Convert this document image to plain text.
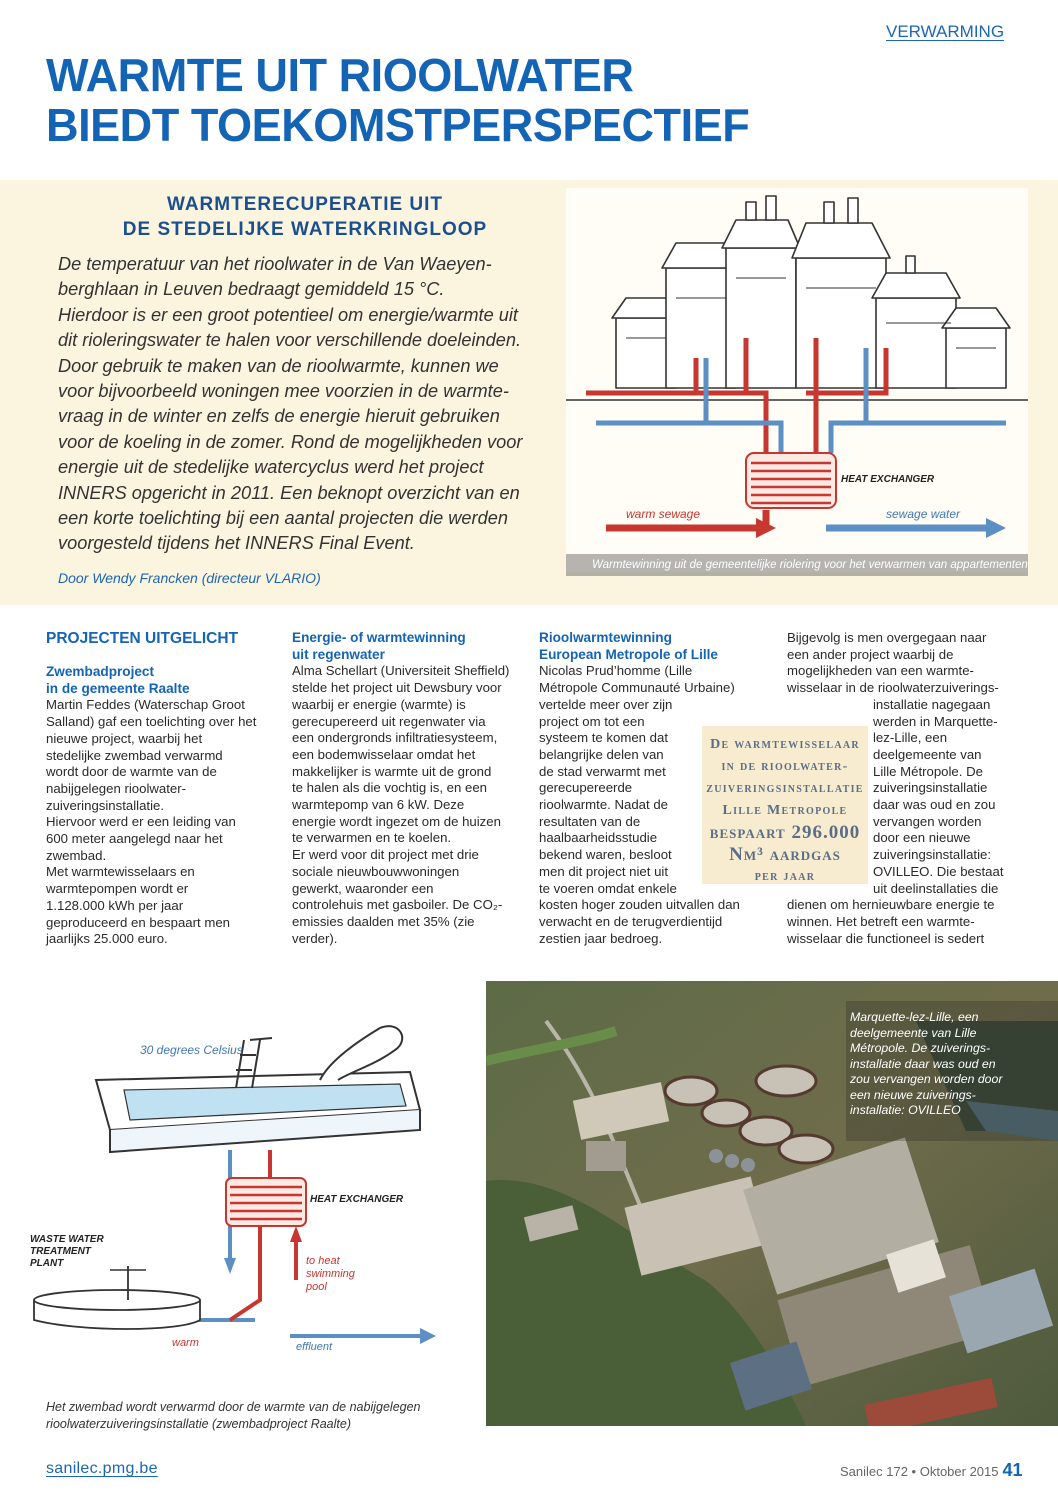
VERWARMING
WARMTE UIT RIOOLWATER
BIEDT TOEKOMSTPERSPECTIEF
WARMTERECUPERATIE UIT
DE STEDELIJKE WATERKRINGLOOP
De temperatuur van het rioolwater in de Van Waeyen-
berghlaan in Leuven bedraagt gemiddeld 15 °C.
Hierdoor is er een groot potentieel om energie/warmte uit
dit rioleringswater te halen voor verschillende doeleinden.
Door gebruik te maken van de rioolwarmte, kunnen we
voor bijvoorbeeld woningen mee voorzien in de warmte-
vraag in de winter en zelfs de energie hieruit gebruiken
voor de koeling in de zomer. Rond de mogelijkheden voor
energie uit de stedelijke watercyclus werd het project
INNERS opgericht in 2011. Een beknopt overzicht van en
een korte toelichting bij een aantal projecten die werden
voorgesteld tijdens het INNERS Final Event.
Door Wendy Francken (directeur VLARIO)
HEAT EXCHANGER
warm sewage	sewage water
Warmtewinning uit de gemeentelijke riolering voor het verwarmen van appartementen
PROJECTEN UITGELICHT
Zwembadproject
in de gemeente Raalte

Martin Feddes (Waterschap Groot

Salland) gaf een toelichting over het

nieuwe project, waarbij het

stedelijke zwembad verwarmd

wordt door de warmte van de

nabijgelegen rioolwater-

zuiveringsinstallatie.

Hiervoor werd er een leiding van

600 meter aangelegd naar het

zwembad.

Met warmtewisselaars en

warmtepompen wordt er

1.128.000 kWh per jaar

geproduceerd en bespaart men

jaarlijks 25.000 euro.

Energie- of warmtewinning
uit regenwater

Alma Schellart (Universiteit Sheffield)

stelde het project uit Dewsbury voor

waarbij er energie (warmte) is

gerecupereerd uit regenwater via

een ondergronds infiltratiesysteem,

een bodemwisselaar omdat het

makkelijker is warmte uit de grond

te halen als die vochtig is, en een

warmtepomp van 6 kW. Deze

energie wordt ingezet om de huizen

te verwarmen en te koelen.

Er werd voor dit project met drie

sociale nieuwbouwwoningen

gewerkt, waaronder een

controlehuis met gasboiler. De CO₂-

emissies daalden met 35% (zie

verder).

Rioolwarmtewinning
European Metropole of Lille

Nicolas Prud’homme (Lille

Métropole Communauté Urbaine)

vertelde meer over zijn

project om tot een

systeem te komen dat

belangrijke delen van

de stad verwarmt met

gerecupereerde

rioolwarmte. Nadat de

resultaten van de

haalbaarheidsstudie

bekend waren, besloot

men dit project niet uit

te voeren omdat enkele

kosten hoger zouden uitvallen dan

verwacht en de terugverdientijd

zestien jaar bedroeg.

De warmtewisselaar
in de rioolwater-
zuiveringsinstallatie
Lille Metropole
bespaart 296.000
Nm³ aardgas
per jaar

Bijgevolg is men overgegaan naar

een ander project waarbij de

mogelijkheden van een warmte-

wisselaar in de rioolwaterzuiverings-

installatie nagegaan

werden in Marquette-

lez-Lille, een

deelgemeente van

Lille Métropole. De

zuiveringsinstallatie

daar was oud en zou

vervangen worden

door een nieuwe

zuiveringsinstallatie:

OVILLEO. Die bestaat

uit deelinstallaties die

dienen om hernieuwbare energie te

winnen. Het betreft een warmte-

wisselaar die functioneel is sedert

30 degrees Celsius
HEAT EXCHANGER
to heat
swimming
pool
WASTE WATER
TREATMENT
PLANT
warm	effluent
Het zwembad wordt verwarmd door de warmte van de nabijgelegen
rioolwaterzuiveringsinstallatie (zwembadproject Raalte)
Marquette-lez-Lille, een
deelgemeente van Lille
Métropole. De zuiverings-
installatie daar was oud en
zou vervangen worden door
een nieuwe zuiverings-
installatie: OVILLEO
sanilec.pmg.be	Sanilec 172 • Oktober 2015 41
